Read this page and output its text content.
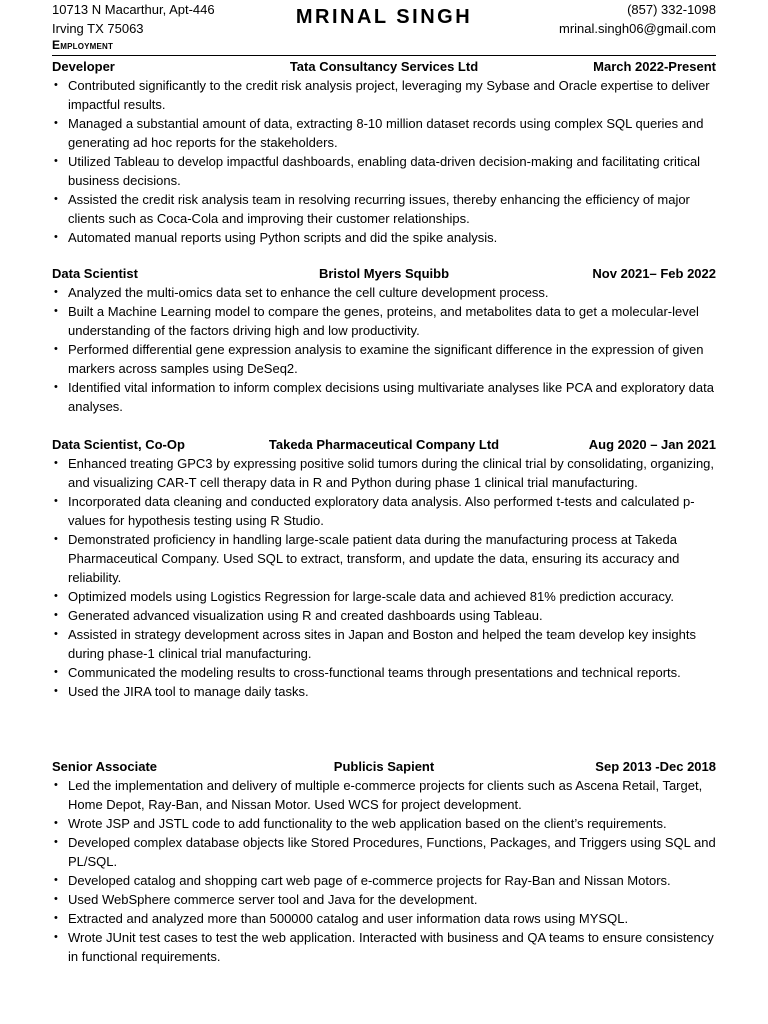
10713 N Macarthur, Apt-446
Irving TX 75063
MRINAL SINGH	(857) 332-1098
mrinal.singh06@gmail.com
Employment
Developer	Tata Consultancy Services Ltd	March 2022-Present
• Contributed significantly to the credit risk analysis project, leveraging my Sybase and Oracle expertise to deliver impactful results.
• Managed a substantial amount of data, extracting 8-10 million dataset records using complex SQL queries and generating ad hoc reports for the stakeholders.
• Utilized Tableau to develop impactful dashboards, enabling data-driven decision-making and facilitating critical business decisions.
• Assisted the credit risk analysis team in resolving recurring issues, thereby enhancing the efficiency of major clients such as Coca-Cola and improving their customer relationships.
• Automated manual reports using Python scripts and did the spike analysis.
Data Scientist	Bristol Myers Squibb	Nov 2021– Feb 2022
• Analyzed the multi-omics data set to enhance the cell culture development process.
• Built a Machine Learning model to compare the genes, proteins, and metabolites data to get a molecular-level understanding of the factors driving high and low productivity.
• Performed differential gene expression analysis to examine the significant difference in the expression of given markers across samples using DeSeq2.
• Identified vital information to inform complex decisions using multivariate analyses like PCA and exploratory data analyses.
Data Scientist, Co-Op	Takeda Pharmaceutical Company Ltd	Aug 2020 – Jan 2021
• Enhanced treating GPC3 by expressing positive solid tumors during the clinical trial by consolidating, organizing, and visualizing CAR-T cell therapy data in R and Python during phase 1 clinical trial manufacturing.
• Incorporated data cleaning and conducted exploratory data analysis. Also performed t-tests and calculated p-values for hypothesis testing using R Studio.
• Demonstrated proficiency in handling large-scale patient data during the manufacturing process at Takeda Pharmaceutical Company. Used SQL to extract, transform, and update the data, ensuring its accuracy and reliability.
• Optimized models using Logistics Regression for large-scale data and achieved 81% prediction accuracy.
• Generated advanced visualization using R and created dashboards using Tableau.
• Assisted in strategy development across sites in Japan and Boston and helped the team develop key insights during phase-1 clinical trial manufacturing.
• Communicated the modeling results to cross-functional teams through presentations and technical reports.
• Used the JIRA tool to manage daily tasks.
Senior Associate	Publicis Sapient	Sep 2013 -Dec 2018
• Led the implementation and delivery of multiple e-commerce projects for clients such as Ascena Retail, Target, Home Depot, Ray-Ban, and Nissan Motor. Used WCS for project development.
• Wrote JSP and JSTL code to add functionality to the web application based on the client’s requirements.
• Developed complex database objects like Stored Procedures, Functions, Packages, and Triggers using SQL and PL/SQL.
• Developed catalog and shopping cart web page of e-commerce projects for Ray-Ban and Nissan Motors.
• Used WebSphere commerce server tool and Java for the development.
• Extracted and analyzed more than 500000 catalog and user information data rows using MYSQL.
• Wrote JUnit test cases to test the web application. Interacted with business and QA teams to ensure consistency in functional requirements.
